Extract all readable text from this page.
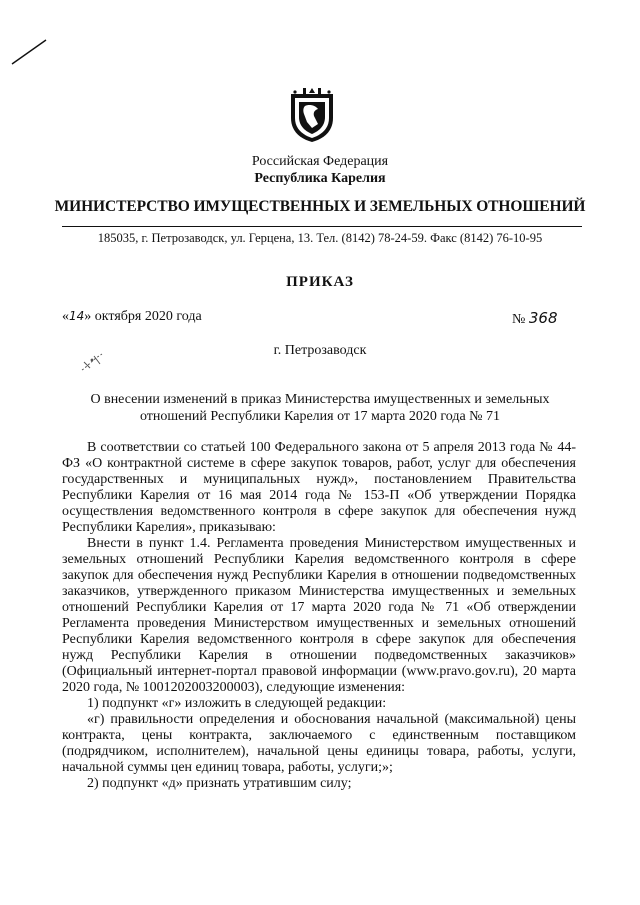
Российская Федерация
Республика Карелия
МИНИСТЕРСТВО ИМУЩЕСТВЕННЫХ И ЗЕМЕЛЬНЫХ ОТНОШЕНИЙ
185035, г. Петрозаводск, ул. Герцена, 13. Тел. (8142) 78-24-59. Факс (8142) 76-10-95
ПРИКАЗ
«14» октября 2020 года	№ 368
г. Петрозаводск
О внесении изменений в приказ Министерства имущественных и земельных отношений Республики Карелия от 17 марта 2020 года № 71

В соответствии со статьей 100 Федерального закона от 5 апреля 2013 года № 44-ФЗ «О контрактной системе в сфере закупок товаров, работ, услуг для обеспечения государственных и муниципальных нужд», постановлением Правительства Республики Карелия от 16 мая 2014 года № 153-П «Об утверждении Порядка осуществления ведомственного контроля в сфере закупок для обеспечения нужд Республики Карелия», приказываю:

Внести в пункт 1.4. Регламента проведения Министерством имущественных и земельных отношений Республики Карелия ведомственного контроля в сфере закупок для обеспечения нужд Республики Карелия в отношении подведомственных заказчиков, утвержденного приказом Министерства имущественных и земельных отношений Республики Карелия от 17 марта 2020 года № 71 «Об отверждении Регламента проведения Министерством имущественных и земельных отношений Республики Карелия ведомственного контроля в сфере закупок для обеспечения нужд Республики Карелия в отношении подведомственных заказчиков» (Официальный интернет-портал правовой информации (www.pravo.gov.ru), 20 марта 2020 года, № 1001202003200003), следующие изменения:

1) подпункт «г» изложить в следующей редакции:

«г) правильности определения и обоснования начальной (максимальной) цены контракта, цены контракта, заключаемого с единственным поставщиком (подрядчиком, исполнителем), начальной цены единицы товара, работы, услуги, начальной суммы цен единиц товара, работы, услуги;»;

2) подпункт «д» признать утратившим силу;
